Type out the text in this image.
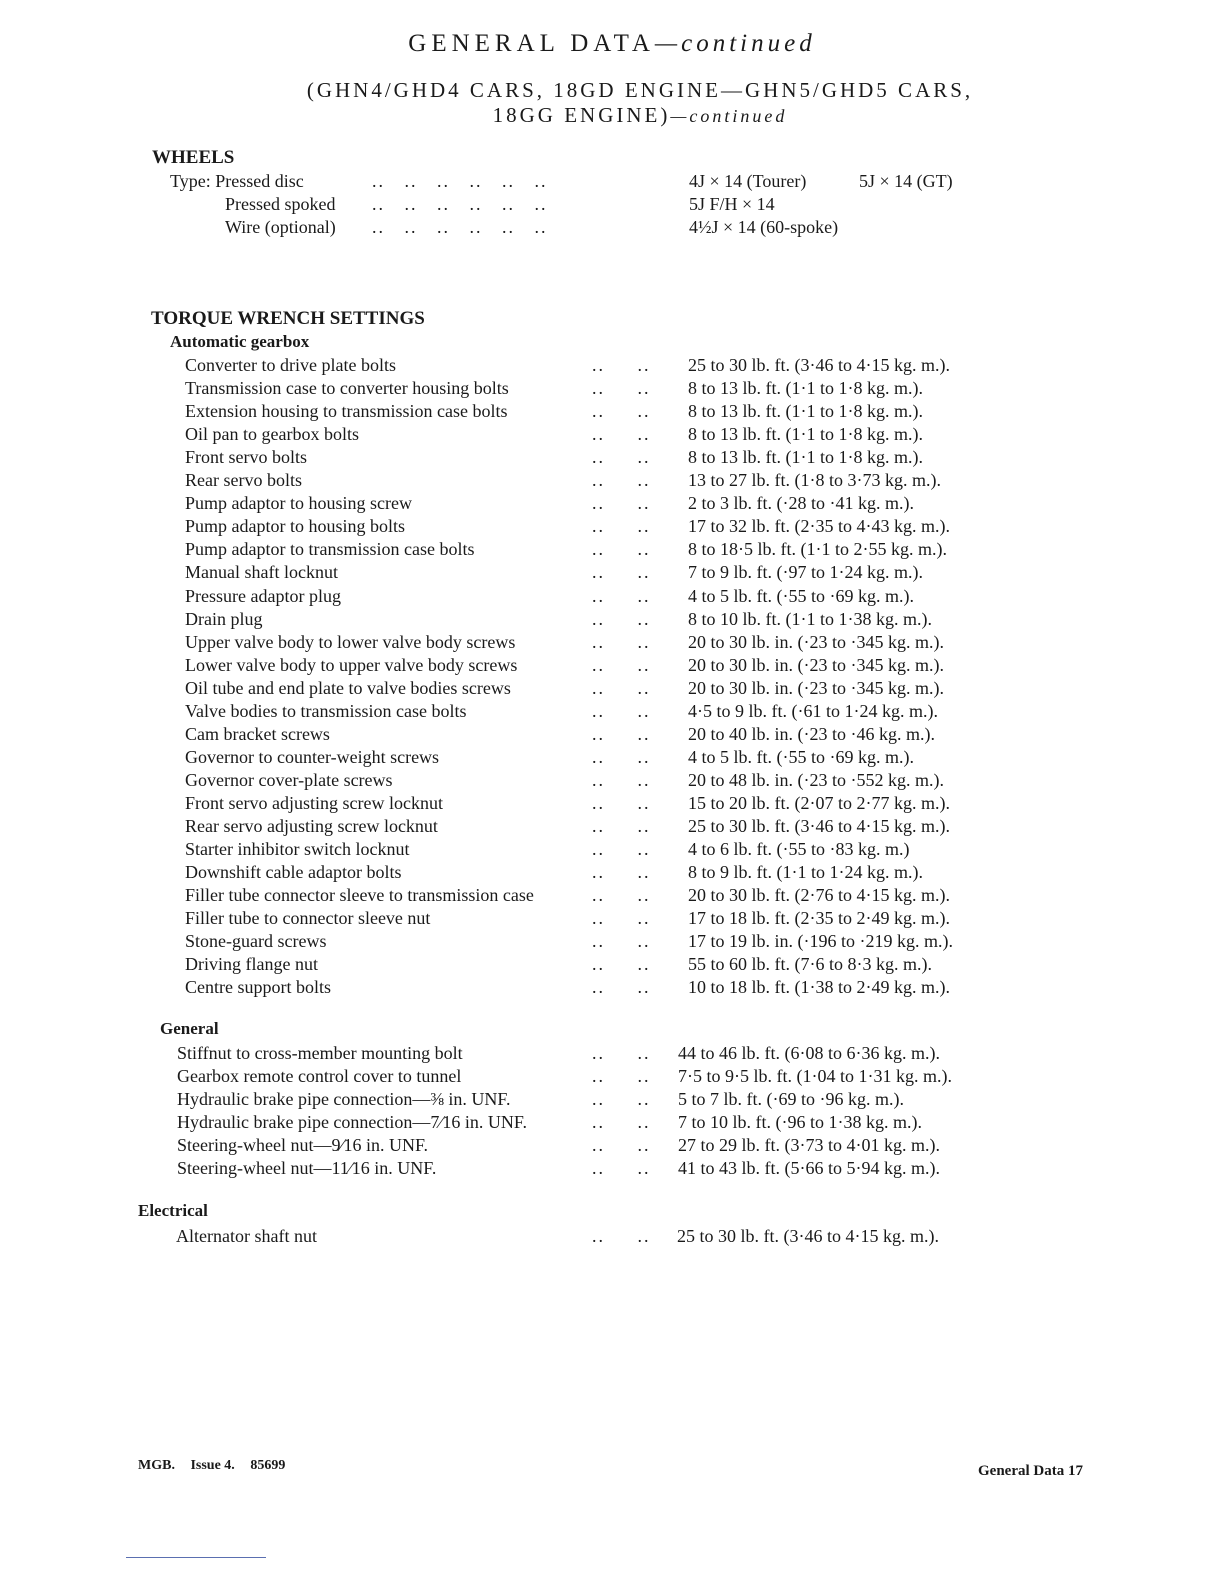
GENERAL DATA—continued
(GHN4/GHD4 CARS, 18GD ENGINE—GHN5/GHD5 CARS,
18GG ENGINE)—continued
WHEELS
Type: Pressed disc	..   ..   ..   ..   ..   ..	4J × 14 (Tourer)	5J × 14 (GT)
Pressed spoked ..   ..   ..   ..   ..   ..	5J F/H × 14
Wire (optional) ..   ..   ..   ..   ..   ..	4½J × 14 (60-spoke)
TORQUE WRENCH SETTINGS
Automatic gearbox
Converter to drive plate bolts	..     .. 25 to 30 lb. ft. (3·46 to 4·15 kg. m.).
Transmission case to converter housing bolts	..     .. 8 to 13 lb. ft. (1·1 to 1·8 kg. m.).
Extension housing to transmission case bolts	..     .. 8 to 13 lb. ft. (1·1 to 1·8 kg. m.).
Oil pan to gearbox bolts	..     .. 8 to 13 lb. ft. (1·1 to 1·8 kg. m.).
Front servo bolts	..     .. 8 to 13 lb. ft. (1·1 to 1·8 kg. m.).
Rear servo bolts	..     .. 13 to 27 lb. ft. (1·8 to 3·73 kg. m.).
Pump adaptor to housing screw	..     .. 2 to 3 lb. ft. (·28 to ·41 kg. m.).
Pump adaptor to housing bolts	..     .. 17 to 32 lb. ft. (2·35 to 4·43 kg. m.).
Pump adaptor to transmission case bolts	..     .. 8 to 18·5 lb. ft. (1·1 to 2·55 kg. m.).
Manual shaft locknut	..     .. 7 to 9 lb. ft. (·97 to 1·24 kg. m.).
Pressure adaptor plug	..     .. 4 to 5 lb. ft. (·55 to ·69 kg. m.).
Drain plug	..     .. 8 to 10 lb. ft. (1·1 to 1·38 kg. m.).
Upper valve body to lower valve body screws	..     .. 20 to 30 lb. in. (·23 to ·345 kg. m.).
Lower valve body to upper valve body screws	..     .. 20 to 30 lb. in. (·23 to ·345 kg. m.).
Oil tube and end plate to valve bodies screws	..     .. 20 to 30 lb. in. (·23 to ·345 kg. m.).
Valve bodies to transmission case bolts	..     .. 4·5 to 9 lb. ft. (·61 to 1·24 kg. m.).
Cam bracket screws	..     .. 20 to 40 lb. in. (·23 to ·46 kg. m.).
Governor to counter-weight screws	..     .. 4 to 5 lb. ft. (·55 to ·69 kg. m.).
Governor cover-plate screws	..     .. 20 to 48 lb. in. (·23 to ·552 kg. m.).
Front servo adjusting screw locknut	..     .. 15 to 20 lb. ft. (2·07 to 2·77 kg. m.).
Rear servo adjusting screw locknut	..     .. 25 to 30 lb. ft. (3·46 to 4·15 kg. m.).
Starter inhibitor switch locknut	..     .. 4 to 6 lb. ft. (·55 to ·83 kg. m.)
Downshift cable adaptor bolts	..     .. 8 to 9 lb. ft. (1·1 to 1·24 kg. m.).
Filler tube connector sleeve to transmission case	..     .. 20 to 30 lb. ft. (2·76 to 4·15 kg. m.).
Filler tube to connector sleeve nut	..     .. 17 to 18 lb. ft. (2·35 to 2·49 kg. m.).
Stone-guard screws	..     .. 17 to 19 lb. in. (·196 to ·219 kg. m.).
Driving flange nut	..     .. 55 to 60 lb. ft. (7·6 to 8·3 kg. m.).
Centre support bolts	..     .. 10 to 18 lb. ft. (1·38 to 2·49 kg. m.).
General
Stiffnut to cross-member mounting bolt	..     .. 44 to 46 lb. ft. (6·08 to 6·36 kg. m.).
Gearbox remote control cover to tunnel	..     .. 7·5 to 9·5 lb. ft. (1·04 to 1·31 kg. m.).
Hydraulic brake pipe connection—⅜ in. UNF.	..     .. 5 to 7 lb. ft. (·69 to ·96 kg. m.).
Hydraulic brake pipe connection—7⁄16 in. UNF.	..     .. 7 to 10 lb. ft. (·96 to 1·38 kg. m.).
Steering-wheel nut—9⁄16 in. UNF.	..     .. 27 to 29 lb. ft. (3·73 to 4·01 kg. m.).
Steering-wheel nut—11⁄16 in. UNF.	..     .. 41 to 43 lb. ft. (5·66 to 5·94 kg. m.).
Electrical
Alternator shaft nut	..     .. 25 to 30 lb. ft. (3·46 to 4·15 kg. m.).
MGB. Issue 4. 85699	General Data 17
